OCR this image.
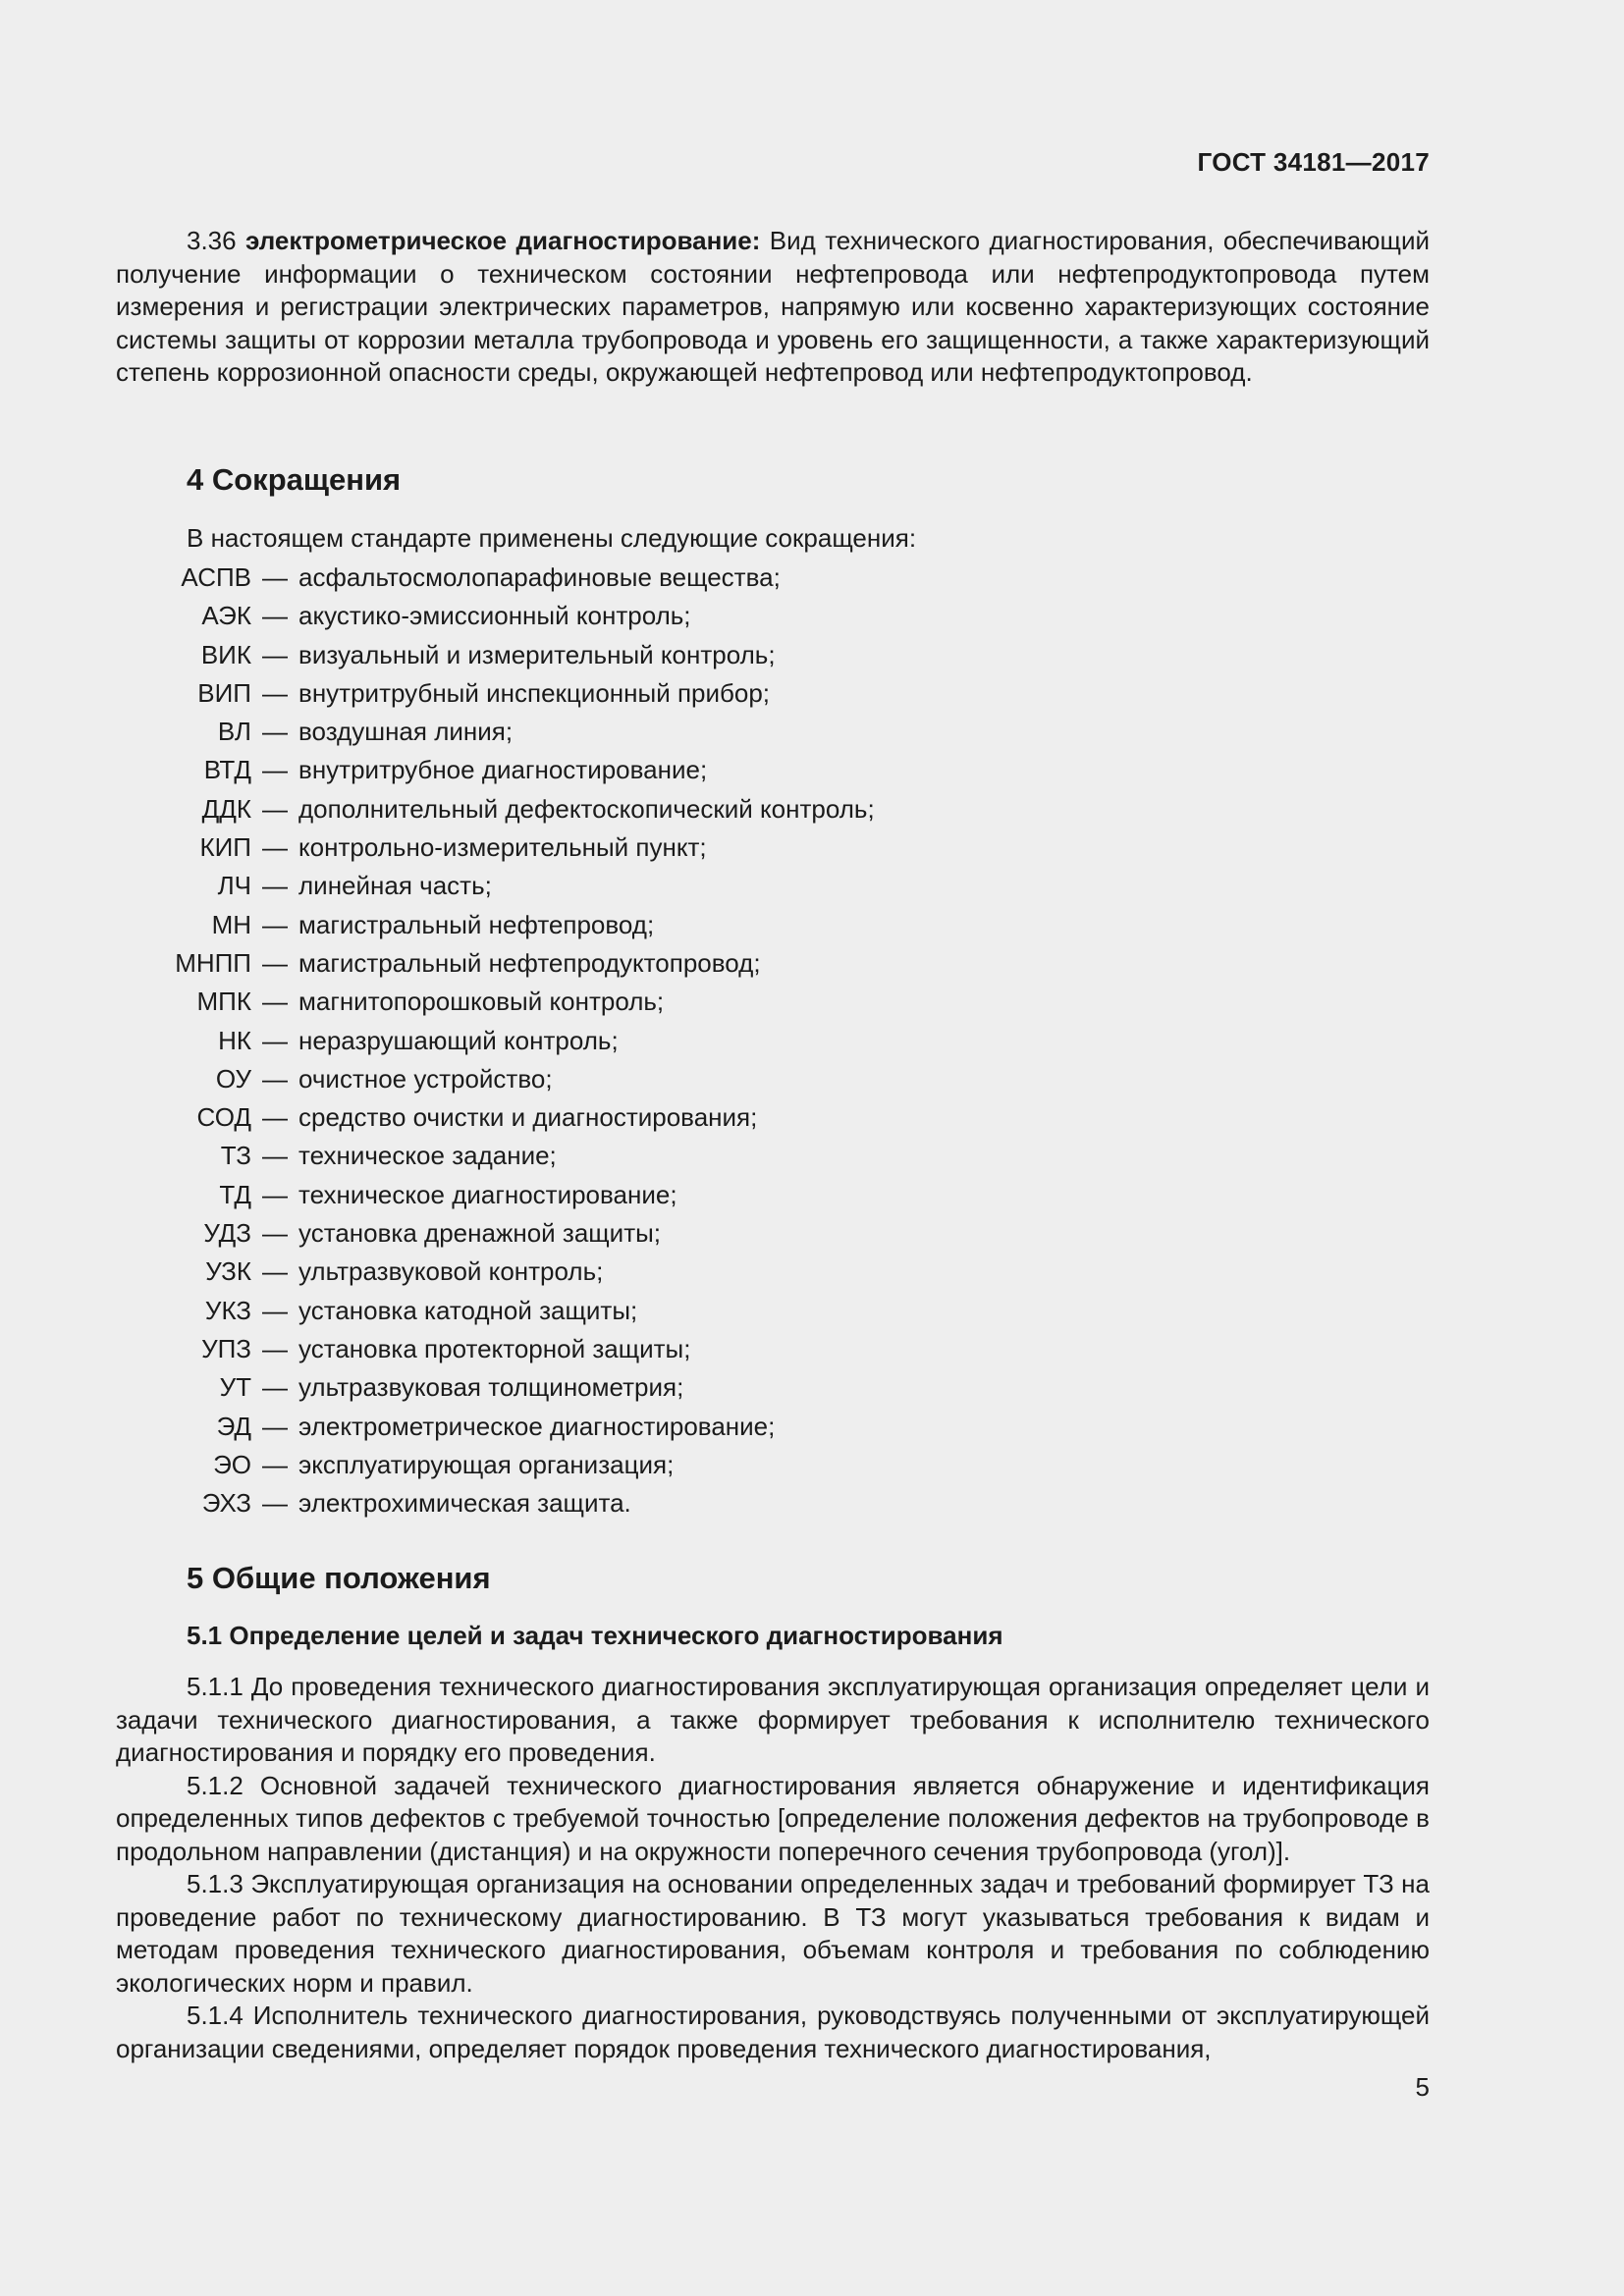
ГОСТ 34181—2017

3.36 электрометрическое диагностирование: Вид технического диагностирования, обеспечивающий получение информации о техническом состоянии нефтепровода или нефтепродуктопровода путем измерения и регистрации электрических параметров, напрямую или косвенно характеризующих состояние системы защиты от коррозии металла трубопровода и уровень его защищенности, а также характеризующий степень коррозионной опасности среды, окружающей нефтепровод или нефтепродуктопровод.

4 Сокращения

В настоящем стандарте применены следующие сокращения:

АСПВ — асфальтосмолопарафиновые вещества;
АЭК — акустико-эмиссионный контроль;
ВИК — визуальный и измерительный контроль;
ВИП — внутритрубный инспекционный прибор;
ВЛ — воздушная линия;
ВТД — внутритрубное диагностирование;
ДДК — дополнительный дефектоскопический контроль;
КИП — контрольно-измерительный пункт;
ЛЧ — линейная часть;
МН — магистральный нефтепровод;
МНПП — магистральный нефтепродуктопровод;
МПК — магнитопорошковый контроль;
НК — неразрушающий контроль;
ОУ — очистное устройство;
СОД — средство очистки и диагностирования;
ТЗ — техническое задание;
ТД — техническое диагностирование;
УДЗ — установка дренажной защиты;
УЗК — ультразвуковой контроль;
УКЗ — установка катодной защиты;
УПЗ — установка протекторной защиты;
УТ — ультразвуковая толщинометрия;
ЭД — электрометрическое диагностирование;
ЭО — эксплуатирующая организация;
ЭХЗ — электрохимическая защита.
5 Общие положения
5.1 Определение целей и задач технического диагностирования

5.1.1 До проведения технического диагностирования эксплуатирующая организация определяет цели и задачи технического диагностирования, а также формирует требования к исполнителю технического диагностирования и порядку его проведения.

5.1.2 Основной задачей технического диагностирования является обнаружение и идентификация определенных типов дефектов с требуемой точностью [определение положения дефектов на трубопроводе в продольном направлении (дистанция) и на окружности поперечного сечения трубопровода (угол)].

5.1.3 Эксплуатирующая организация на основании определенных задач и требований формирует ТЗ на проведение работ по техническому диагностированию. В ТЗ могут указываться требования к видам и методам проведения технического диагностирования, объемам контроля и требования по соблюдению экологических норм и правил.

5.1.4 Исполнитель технического диагностирования, руководствуясь полученными от эксплуатирующей организации сведениями, определяет порядок проведения технического диагностирования,

5
